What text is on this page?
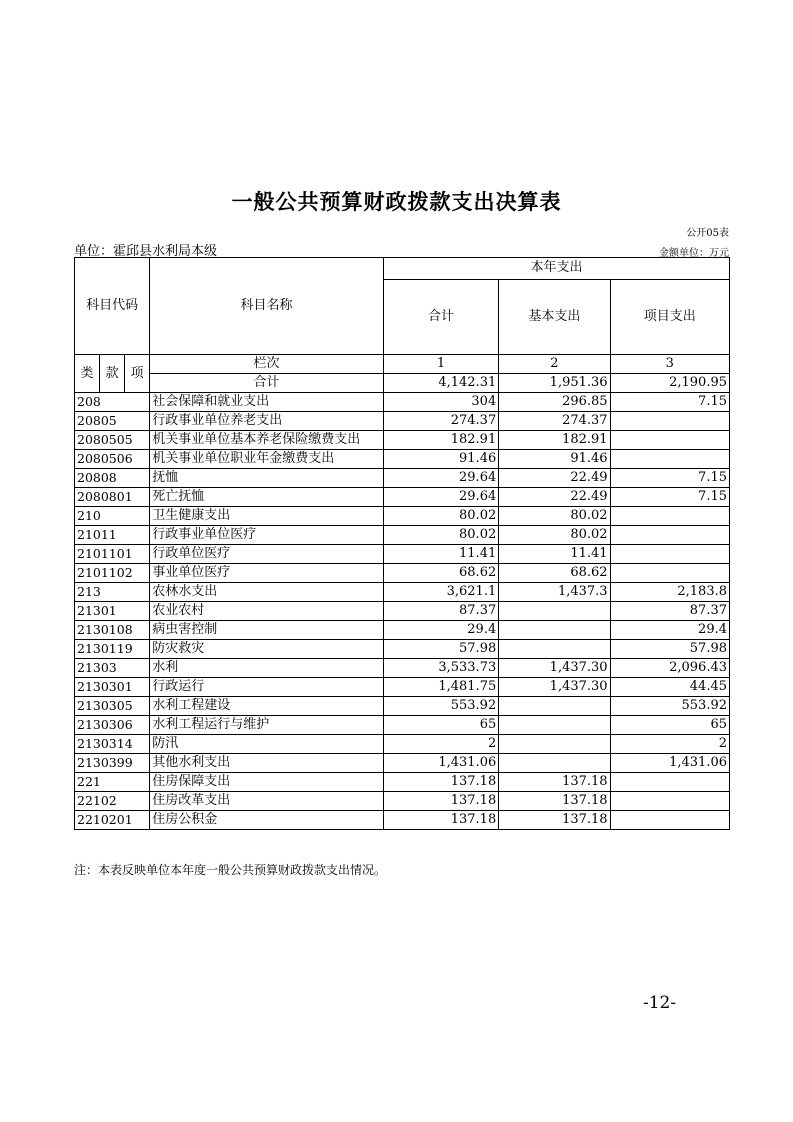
一般公共预算财政拨款支出决算表
公开05表
单位：霍邱县水利局本级	金额单位：万元
科目代码			科目名称	本年支出		
				合计	基本支出	项目支出
类	款	项	栏次	1	2	3
			合计	4,142.31	1,951.36	2,190.95
208			社会保障和就业支出	304	296.85	7.15
20805			行政事业单位养老支出	274.37	274.37	
2080505			机关事业单位基本养老保险缴费支出	182.91	182.91	
2080506			机关事业单位职业年金缴费支出	91.46	91.46	
20808			抚恤	29.64	22.49	7.15
2080801			死亡抚恤	29.64	22.49	7.15
210			卫生健康支出	80.02	80.02	
21011			行政事业单位医疗	80.02	80.02	
2101101			行政单位医疗	11.41	11.41	
2101102			事业单位医疗	68.62	68.62	
213			农林水支出	3,621.1	1,437.3	2,183.8
21301			农业农村	87.37		87.37
2130108			病虫害控制	29.4		29.4
2130119			防灾救灾	57.98		57.98
21303			水利	3,533.73	1,437.30	2,096.43
2130301			行政运行	1,481.75	1,437.30	44.45
2130305			水利工程建设	553.92		553.92
2130306			水利工程运行与维护	65		65
2130314			防汛	2		2
2130399			其他水利支出	1,431.06		1,431.06
221			住房保障支出	137.18	137.18	
22102			住房改革支出	137.18	137.18	
2210201			住房公积金	137.18	137.18	
注：本表反映单位本年度一般公共预算财政拨款支出情况。
-12-
